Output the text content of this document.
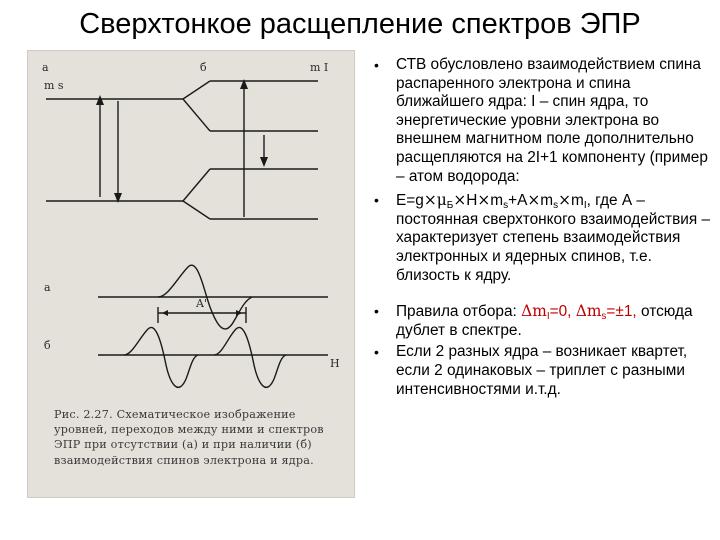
Сверхтонкое расщепление спектров ЭПР
а
m s
б	m I
а
б
A'
H
Рис. 2.27. Схематическое изображение уровней, переходов между ними и спектров ЭПР при отсутствии (а) и при наличии (б) взаимодействия спинов электрона и ядра.

• СТВ обусловлено взаимодействием спина распаренного электрона и спина ближайшего ядра: I – спин ядра, то энергетические уровни электрона во внешнем магнитном поле дополнительно расщепляются на 2I+1 компоненту (пример – атом водорода:

• $Е=g\times\mu_Б\times H\times m_s+A\times m_s\times m_I$, где А – постоянная сверхтонкого взаимодействия – характеризует степень взаимодействия электронных и ядерных спинов, т.е. близость к ядру.

• Правила отбора: $\Delta m_I=0$, $\Delta m_s=\pm 1$, отсюда дублет в спектре.

• Если 2 разных ядра – возникает квартет, если 2 одинаковых – триплет с разными интенсивностями и.т.д.
